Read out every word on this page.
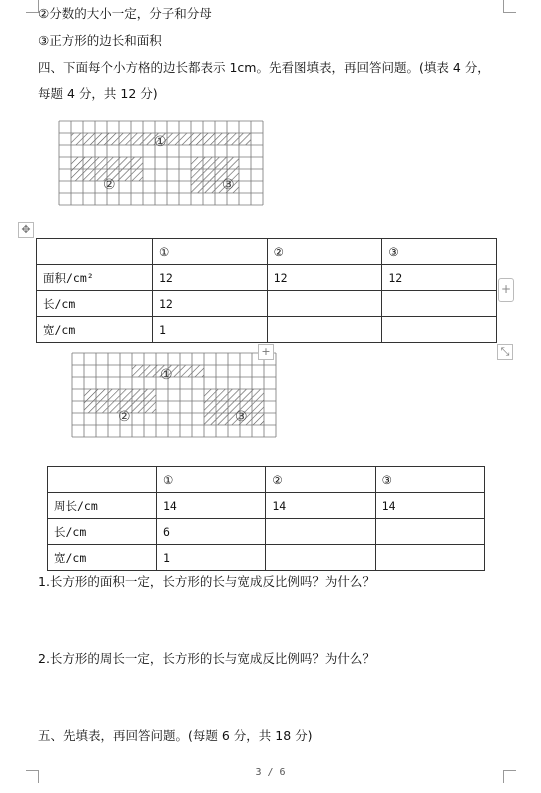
②分数的大小一定，分子和分母
③正方形的边长和面积
四、下面每个小方格的边长都表示 1cm。先看图填表，再回答问题。(填表 4 分，
每题 4 分，共 12 分)
①
②	③
✥
	①	②	③
面积/cm²	12	12	12
长/cm	12		
宽/cm	1		
+
⤡
①
②	③
+
	①	②	③
周长/cm	14	14	14
长/cm	6		
宽/cm	1		
1.长方形的面积一定，长方形的长与宽成反比例吗？为什么？
2.长方形的周长一定，长方形的长与宽成反比例吗？为什么？
五、先填表，再回答问题。(每题 6 分，共 18 分)
3 / 6
